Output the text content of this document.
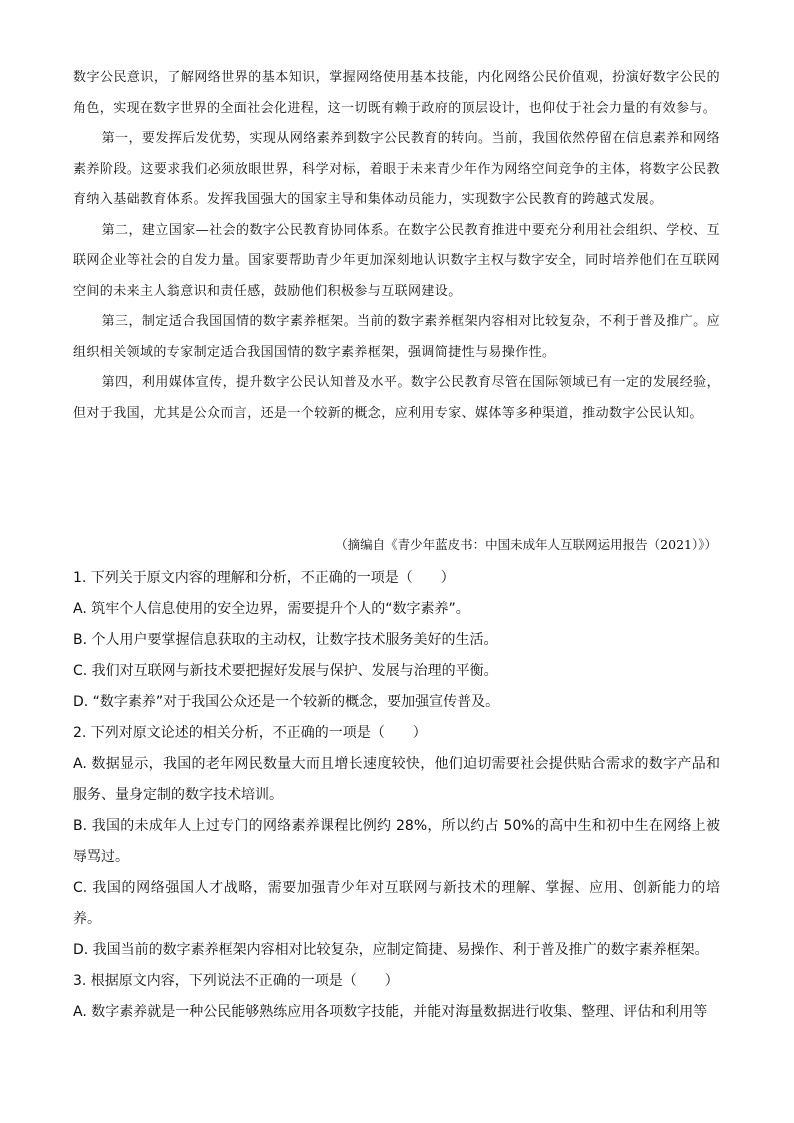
数字公民意识，了解网络世界的基本知识，掌握网络使用基本技能，内化网络公民价值观，扮演好数字公民的角色，实现在数字世界的全面社会化进程，这一切既有赖于政府的顶层设计，也仰仗于社会力量的有效参与。

第一，要发挥后发优势，实现从网络素养到数字公民教育的转向。当前，我国依然停留在信息素养和网络素养阶段。这要求我们必须放眼世界，科学对标，着眼于未来青少年作为网络空间竞争的主体，将数字公民教育纳入基础教育体系。发挥我国强大的国家主导和集体动员能力，实现数字公民教育的跨越式发展。

第二，建立国家—社会的数字公民教育协同体系。在数字公民教育推进中要充分利用社会组织、学校、互联网企业等社会的自发力量。国家要帮助青少年更加深刻地认识数字主权与数字安全，同时培养他们在互联网空间的未来主人翁意识和责任感，鼓励他们积极参与互联网建设。

第三，制定适合我国国情的数字素养框架。当前的数字素养框架内容相对比较复杂，不利于普及推广。应组织相关领域的专家制定适合我国国情的数字素养框架，强调简捷性与易操作性。

第四，利用媒体宣传，提升数字公民认知普及水平。数字公民教育尽管在国际领域已有一定的发展经验，但对于我国，尤其是公众而言，还是一个较新的概念，应利用专家、媒体等多种渠道，推动数字公民认知。

（摘编自《青少年蓝皮书：中国未成年人互联网运用报告（2021）》）

1. 下列关于原文内容的理解和分析，不正确的一项是（　　）

A. 筑牢个人信息使用的安全边界，需要提升个人的“数字素养”。

B. 个人用户要掌握信息获取的主动权，让数字技术服务美好的生活。

C. 我们对互联网与新技术要把握好发展与保护、发展与治理的平衡。

D. “数字素养”对于我国公众还是一个较新的概念，要加强宣传普及。

2. 下列对原文论述的相关分析，不正确的一项是（　　）

A. 数据显示，我国的老年网民数量大而且增长速度较快，他们迫切需要社会提供贴合需求的数字产品和服务、量身定制的数字技术培训。

B. 我国的未成年人上过专门的网络素养课程比例约 28%，所以约占 50%的高中生和初中生在网络上被辱骂过。

C. 我国的网络强国人才战略，需要加强青少年对互联网与新技术的理解、掌握、应用、创新能力的培养。

D. 我国当前的数字素养框架内容相对比较复杂，应制定简捷、易操作、利于普及推广的数字素养框架。

3. 根据原文内容，下列说法不正确的一项是（　　）

A. 数字素养就是一种公民能够熟练应用各项数字技能，并能对海量数据进行收集、整理、评估和利用等
